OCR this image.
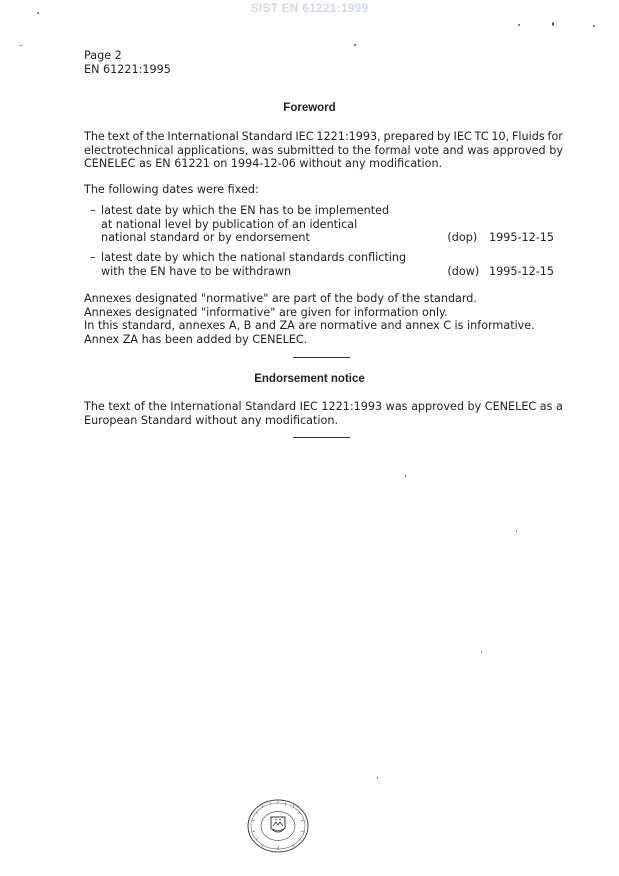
SIST EN 61221:1999
Page 2
EN 61221:1995
Foreword
The text of the International Standard IEC 1221:1993, prepared by IEC TC 10, Fluids for
electrotechnical applications, was submitted to the formal vote and was approved by
CENELEC as EN 61221 on 1994-12-06 without any modification.
The following dates were fixed:
– latest date by which the EN has to be implemented
at national level by publication of an identical
national standard or by endorsement	(dop) 1995-12-15
– latest date by which the national standards conflicting
with the EN have to be withdrawn	(dow) 1995-12-15
Annexes designated "normative" are part of the body of the standard.
Annexes designated "informative" are given for information only.
In this standard, annexes A, B and ZA are normative and annex C is informative.
Annex ZA has been added by CENELEC.
Endorsement notice
The text of the International Standard IEC 1221:1993 was approved by CENELEC as a
European Standard without any modification.
4
